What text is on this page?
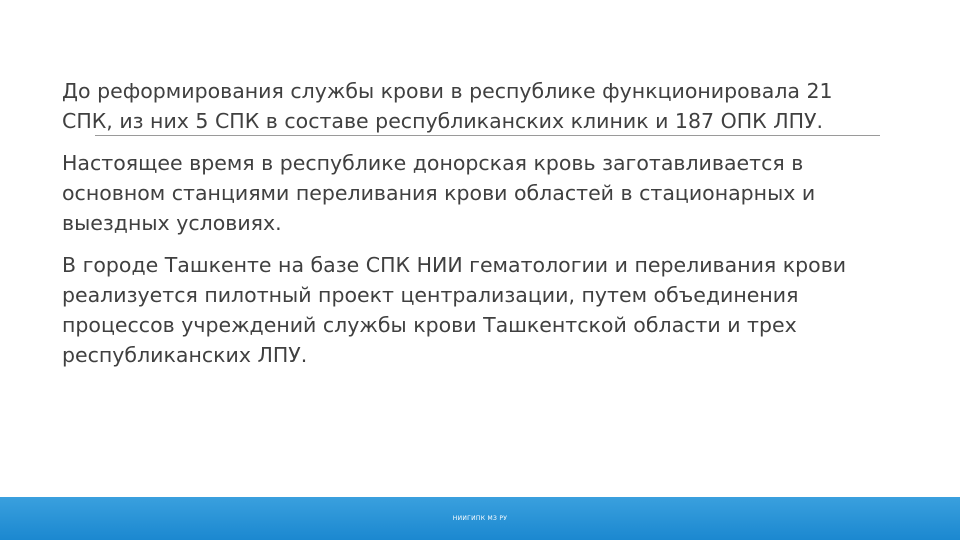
До реформирования службы крови в республике функционировала 21 СПК, из них 5 СПК в составе республиканских клиник и 187 ОПК ЛПУ.

Настоящее время в республике донорская кровь заготавливается в основном станциями переливания крови областей в стационарных и выездных условиях.

В городе Ташкенте на базе СПК НИИ гематологии и переливания крови реализуется пилотный проект централизации, путем объединения процессов учреждений службы крови Ташкентской области и трех республиканских ЛПУ.

НИИГИПК МЗ РУ
